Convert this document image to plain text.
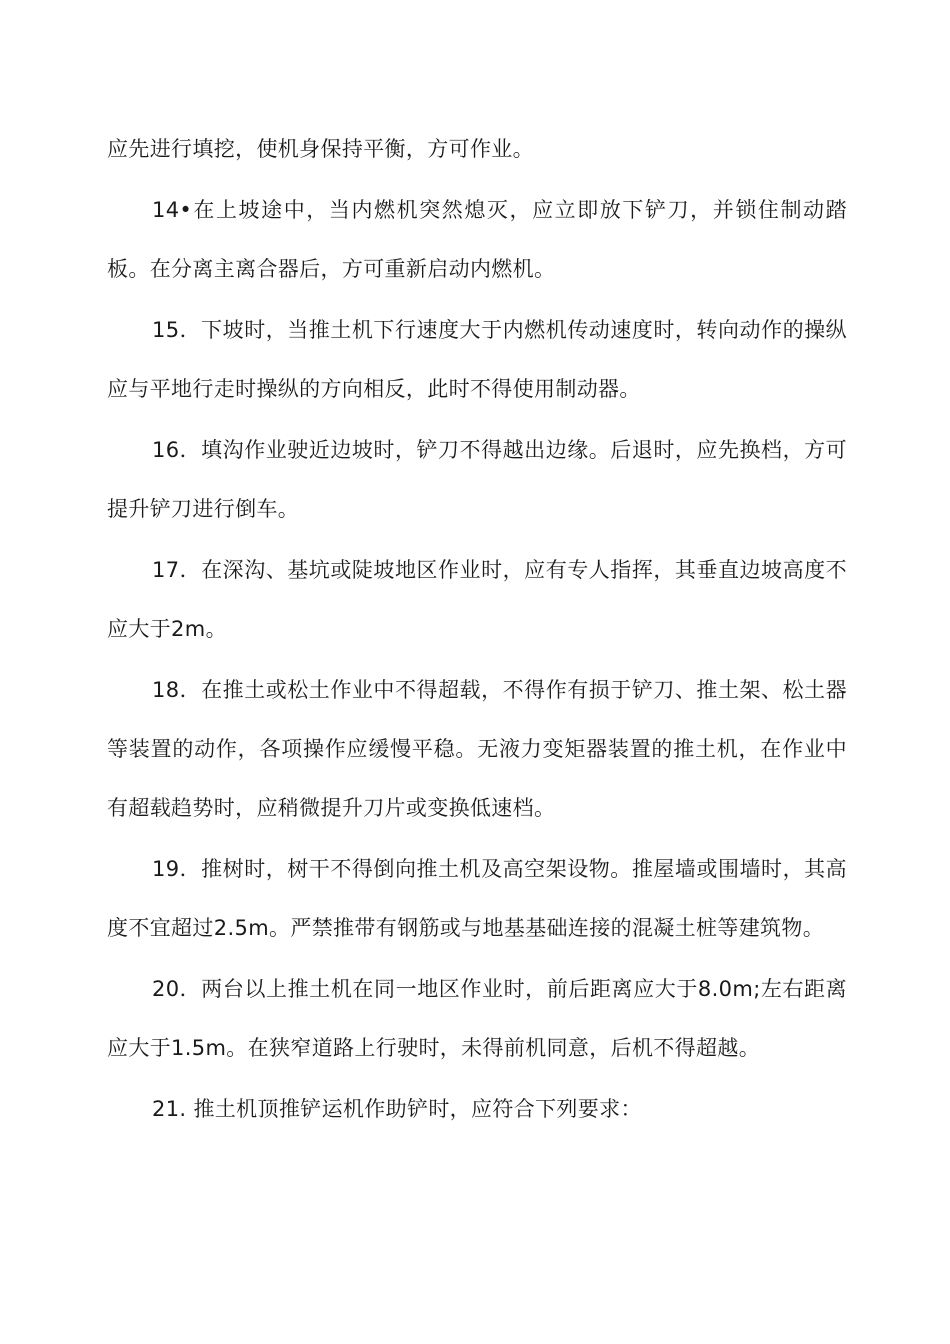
应先进行填挖，使机身保持平衡，方可作业。

14•在上坡途中，当内燃机突然熄灭，应立即放下铲刀，并锁住制动踏板。在分离主离合器后，方可重新启动内燃机。

15．下坡时，当推土机下行速度大于内燃机传动速度时，转向动作的操纵应与平地行走时操纵的方向相反，此时不得使用制动器。

16．填沟作业驶近边坡时，铲刀不得越出边缘。后退时，应先换档，方可提升铲刀进行倒车。

17．在深沟、基坑或陡坡地区作业时，应有专人指挥，其垂直边坡高度不应大于2m。

18．在推土或松土作业中不得超载，不得作有损于铲刀、推土架、松土器等装置的动作，各项操作应缓慢平稳。无液力变矩器装置的推土机，在作业中有超载趋势时，应稍微提升刀片或变换低速档。

19．推树时，树干不得倒向推土机及高空架设物。推屋墙或围墙时，其高度不宜超过2.5m。严禁推带有钢筋或与地基基础连接的混凝土桩等建筑物。

20．两台以上推土机在同一地区作业时，前后距离应大于8.0m;左右距离应大于1.5m。在狭窄道路上行驶时，未得前机同意，后机不得超越。

21. 推土机顶推铲运机作助铲时，应符合下列要求：
